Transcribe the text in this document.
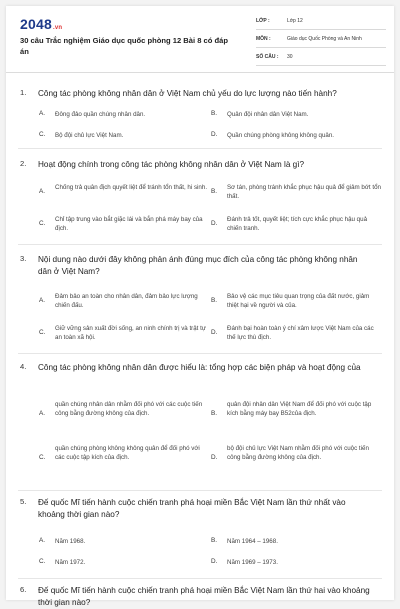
2048.vn
30 câu Trắc nghiệm Giáo dục quốc phòng 12 Bài 8 có đáp án
LỚP :	Lớp 12
MÔN :	Giáo dục Quốc Phòng và An Ninh
SỐ CÂU : 30
1. Công tác phòng không nhân dân ở Việt Nam chủ yếu do lực lượng nào tiến hành?
A. Đông đảo quần chúng nhân dân.	B. Quân đội nhân dân Việt Nam.
C. Bộ đội chủ lực Việt Nam.	D. Quần chúng phòng không không quân.
2. Hoạt động chính trong công tác phòng không nhân dân ở Việt Nam là gì?
A.
Chống trả quân địch quyết liệt để tránh tổn thất, hi sinh.
B.
Sơ tán, phòng tránh khắc phục hậu quả để giảm bớt tổn thất.
C.
Chỉ tập trung vào bắt giặc lái và bắn phá máy bay của địch.
D.
Đánh trả tốt, quyết liệt; tích cực khắc phục hậu quả chiến tranh.
3. Nội dung nào dưới đây không phản ánh đúng mục đích của công tác phòng không nhân dân ở Việt Nam?
A.
Đảm bảo an toàn cho nhân dân, đảm bảo lực lượng chiến đấu.
B.
Bảo vệ các mục tiêu quan trọng của đất nước, giảm thiệt hại về người và của.
C.
Giữ vững sản xuất đời sống, an ninh chính trị và trật tự an toàn xã hội.
D.
Đánh bại hoàn toàn ý chí xâm lược Việt Nam của các thế lực thù địch.
4. Công tác phòng không nhân dân được hiểu là: tổng hợp các biện pháp và hoạt động của
A.
quần chúng nhân dân nhằm đối phó với các cuộc tiến công bằng đường không của địch.	B.
quân đội nhân dân Việt Nam để đối phó với cuộc tập kích bằng máy bay B52của địch.
C.
quần chúng phòng không không quân để đối phó với các cuộc tập kích của địch.	D.
bộ đội chủ lực Việt Nam nhằm đối phó với cuộc tiến công bằng đường không của địch.
5. Đế quốc Mĩ tiến hành cuộc chiến tranh phá hoại miền Bắc Việt Nam lần thứ nhất vào khoảng thời gian nào?
A. Năm 1968.	B. Năm 1964 – 1968.
C. Năm 1972.	D. Năm 1969 – 1973.
6. Đế quốc Mĩ tiến hành cuộc chiến tranh phá hoại miền Bắc Việt Nam lần thứ hai vào khoảng thời gian nào?
